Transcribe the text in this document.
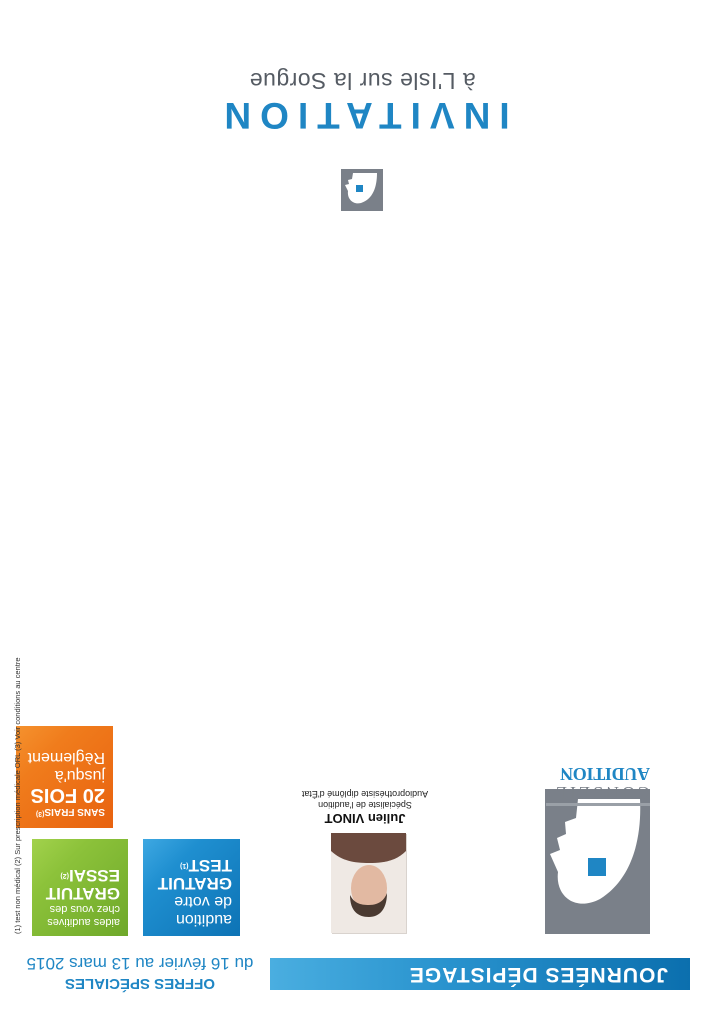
INVITATION
à L'Isle sur la Sorgue
JOURNÉES DÉPISTAGE
OFFRES SPÉCIALES
du 16 février au 13 mars 2015
CONSEIL
AUDITION
Spécialiste de l'audition
Audioprothésiste diplômé d'État
Julien VINOT
audition
de votre
GRATUIT
TEST$^{(1)}$
aides auditives
chez vous des
GRATUIT
ESSAI$^{(2)}$
SANS FRAIS$^{(3)}$
20 FOIS
jusqu'à
Règlement
(1) test non médical (2) Sur prescription médicale ORL (3) Voir conditions au centre
